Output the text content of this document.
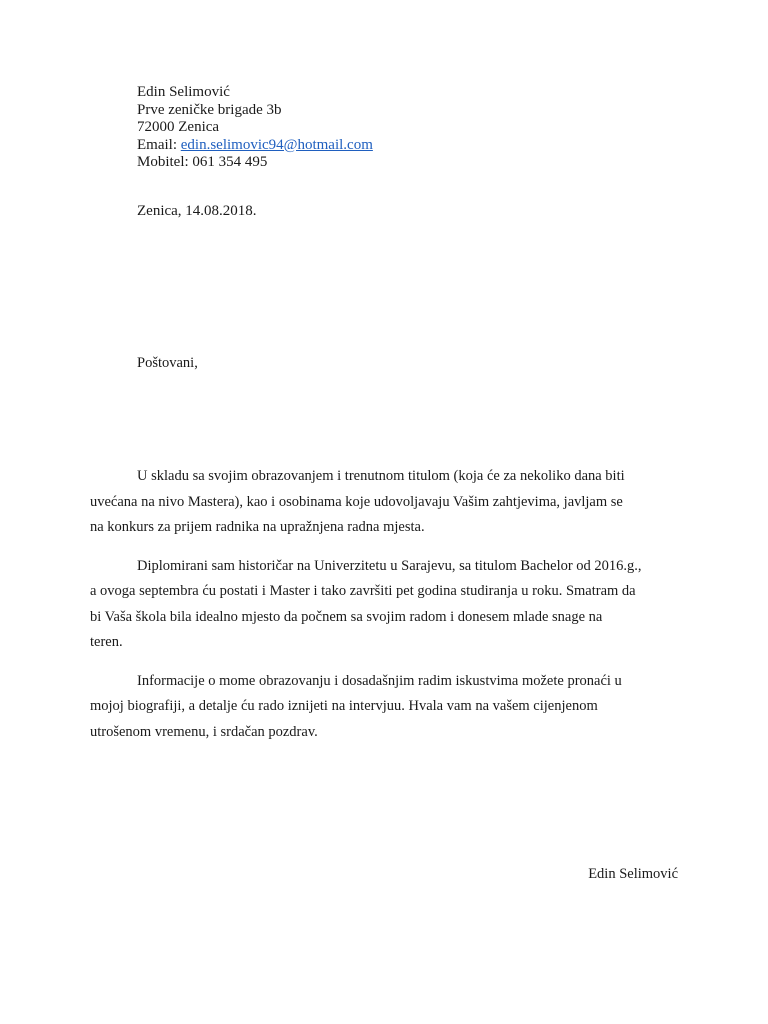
Edin Selimović
Prve zeničke brigade 3b
72000 Zenica
Email: edin.selimovic94@hotmail.com
Mobitel: 061 354 495
Zenica, 14.08.2018.
Poštovani,

U skladu sa svojim obrazovanjem i trenutnom titulom (koja će za nekoliko dana biti
uvećana na nivo Mastera), kao i osobinama koje udovoljavaju Vašim zahtjevima, javljam se
na konkurs za prijem radnika na upražnjena radna mjesta.

Diplomirani sam historičar na Univerzitetu u Sarajevu, sa titulom Bachelor od 2016.g.,
a ovoga septembra ću postati i Master i tako završiti pet godina studiranja u roku. Smatram da
bi Vaša škola bila idealno mjesto da počnem sa svojim radom i donesem mlade snage na
teren.

Informacije o mome obrazovanju i dosadašnjim radim iskustvima možete pronaći u
mojoj biografiji, a detalje ću rado iznijeti na intervjuu. Hvala vam na vašem cijenjenom
utrošenom vremenu, i srdačan pozdrav.

Edin Selimović
